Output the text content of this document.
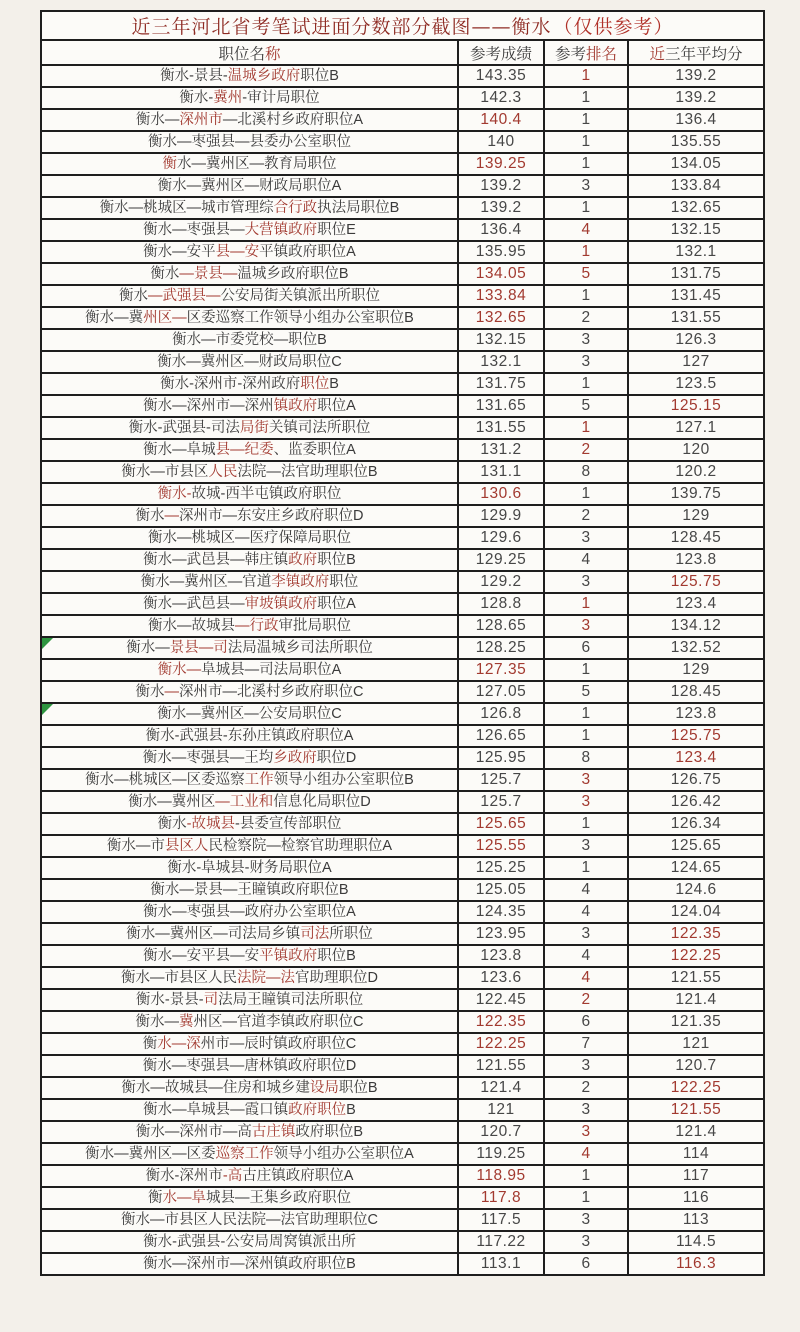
近三年河北省考笔试进面分数部分截图——衡水 （仅供参考）			
职位名称	参考成绩	参考排名	近三年平均分
衡水-景县-温城乡政府职位B	143.35	1	139.2
衡水-冀州-审计局职位	142.3	1	139.2
衡水—深州市—北溪村乡政府职位A	140.4	1	136.4
衡水—枣强县—县委办公室职位	140	1	135.55
衡水—冀州区—教育局职位	139.25	1	134.05
衡水—冀州区—财政局职位A	139.2	3	133.84
衡水—桃城区—城市管理综合行政执法局职位B	139.2	1	132.65
衡水—枣强县—大营镇政府职位E	136.4	4	132.15
衡水—安平县—安平镇政府职位A	135.95	1	132.1
衡水—景县—温城乡政府职位B	134.05	5	131.75
衡水—武强县—公安局街关镇派出所职位	133.84	1	131.45
衡水—冀州区—区委巡察工作领导小组办公室职位B	132.65	2	131.55
衡水—市委党校—职位B	132.15	3	126.3
衡水—冀州区—财政局职位C	132.1	3	127
衡水-深州市-深州政府职位B	131.75	1	123.5
衡水—深州市—深州镇政府职位A	131.65	5	125.15
衡水-武强县-司法局街关镇司法所职位	131.55	1	127.1
衡水—阜城县—纪委、监委职位A	131.2	2	120
衡水—市县区人民法院—法官助理职位B	131.1	8	120.2
衡水-故城-西半屯镇政府职位	130.6	1	139.75
衡水—深州市—东安庄乡政府职位D	129.9	2	129
衡水—桃城区—医疗保障局职位	129.6	3	128.45
衡水—武邑县—韩庄镇政府职位B	129.25	4	123.8
衡水—冀州区—官道李镇政府职位	129.2	3	125.75
衡水—武邑县—审坡镇政府职位A	128.8	1	123.4
衡水—故城县—行政审批局职位	128.65	3	134.12

衡水—景县—司法局温城乡司法所职位	128.25	6	132.52
衡水—阜城县—司法局职位A	127.35	1	129
衡水—深州市—北溪村乡政府职位C	127.05	5	128.45

衡水—冀州区—公安局职位C	126.8	1	123.8
衡水-武强县-东孙庄镇政府职位A	126.65	1	125.75
衡水—枣强县—王均乡政府职位D	125.95	8	123.4
衡水—桃城区—区委巡察工作领导小组办公室职位B	125.7	3	126.75
衡水—冀州区—工业和信息化局职位D	125.7	3	126.42
衡水-故城县-县委宣传部职位	125.65	1	126.34
衡水—市县区人民检察院—检察官助理职位A	125.55	3	125.65
衡水-阜城县-财务局职位A	125.25	1	124.65
衡水—景县—王瞳镇政府职位B	125.05	4	124.6
衡水—枣强县—政府办公室职位A	124.35	4	124.04
衡水—冀州区—司法局乡镇司法所职位	123.95	3	122.35
衡水—安平县—安平镇政府职位B	123.8	4	122.25
衡水—市县区人民法院—法官助理职位D	123.6	4	121.55
衡水-景县-司法局王瞳镇司法所职位	122.45	2	121.4
衡水—冀州区—官道李镇政府职位C	122.35	6	121.35
衡水—深州市—辰时镇政府职位C	122.25	7	121
衡水—枣强县—唐林镇政府职位D	121.55	3	120.7
衡水—故城县—住房和城乡建设局职位B	121.4	2	122.25
衡水—阜城县—霞口镇政府职位B	121	3	121.55
衡水—深州市—高古庄镇政府职位B	120.7	3	121.4
衡水—冀州区—区委巡察工作领导小组办公室职位A	119.25	4	114
衡水-深州市-高古庄镇政府职位A	118.95	1	117
衡水—阜城县—王集乡政府职位	117.8	1	116
衡水—市县区人民法院—法官助理职位C	117.5	3	113
衡水-武强县-公安局周窝镇派出所	117.22	3	114.5
衡水—深州市—深州镇政府职位B	113.1	6	116.3
